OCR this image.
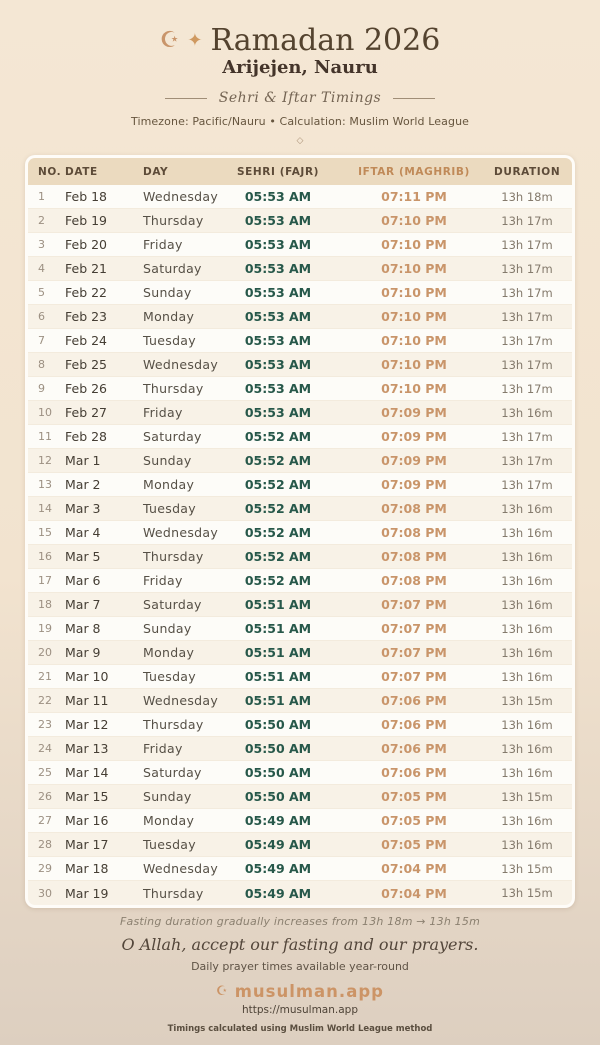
☪ ✦ Ramadan 2026
Arijejen, Nauru
Sehri & Iftar Timings
Timezone: Pacific/Nauru • Calculation: Muslim World League
◇
NO. DATE	DAY	SEHRI (FAJR)	IFTAR (MAGHRIB)	DURATION
1	Feb 18	Wednesday	05:53 AM	07:11 PM	13h 18m
2	Feb 19	Thursday	05:53 AM	07:10 PM	13h 17m
3	Feb 20	Friday	05:53 AM	07:10 PM	13h 17m
4	Feb 21	Saturday	05:53 AM	07:10 PM	13h 17m
5	Feb 22	Sunday	05:53 AM	07:10 PM	13h 17m
6	Feb 23	Monday	05:53 AM	07:10 PM	13h 17m
7	Feb 24	Tuesday	05:53 AM	07:10 PM	13h 17m
8	Feb 25	Wednesday	05:53 AM	07:10 PM	13h 17m
9	Feb 26	Thursday	05:53 AM	07:10 PM	13h 17m
10	Feb 27	Friday	05:53 AM	07:09 PM	13h 16m
11	Feb 28	Saturday	05:52 AM	07:09 PM	13h 17m
12	Mar 1	Sunday	05:52 AM	07:09 PM	13h 17m
13	Mar 2	Monday	05:52 AM	07:09 PM	13h 17m
14	Mar 3	Tuesday	05:52 AM	07:08 PM	13h 16m
15	Mar 4	Wednesday	05:52 AM	07:08 PM	13h 16m
16	Mar 5	Thursday	05:52 AM	07:08 PM	13h 16m
17	Mar 6	Friday	05:52 AM	07:08 PM	13h 16m
18	Mar 7	Saturday	05:51 AM	07:07 PM	13h 16m
19	Mar 8	Sunday	05:51 AM	07:07 PM	13h 16m
20	Mar 9	Monday	05:51 AM	07:07 PM	13h 16m
21	Mar 10	Tuesday	05:51 AM	07:07 PM	13h 16m
22	Mar 11	Wednesday	05:51 AM	07:06 PM	13h 15m
23	Mar 12	Thursday	05:50 AM	07:06 PM	13h 16m
24	Mar 13	Friday	05:50 AM	07:06 PM	13h 16m
25	Mar 14	Saturday	05:50 AM	07:06 PM	13h 16m
26	Mar 15	Sunday	05:50 AM	07:05 PM	13h 15m
27	Mar 16	Monday	05:49 AM	07:05 PM	13h 16m
28	Mar 17	Tuesday	05:49 AM	07:05 PM	13h 16m
29	Mar 18	Wednesday	05:49 AM	07:04 PM	13h 15m
30	Mar 19	Thursday	05:49 AM	07:04 PM	13h 15m
Fasting duration gradually increases from 13h 18m → 13h 15m
O Allah, accept our fasting and our prayers.
Daily prayer times available year-round
☪ musulman.app
https://musulman.app
Timings calculated using Muslim World League method
